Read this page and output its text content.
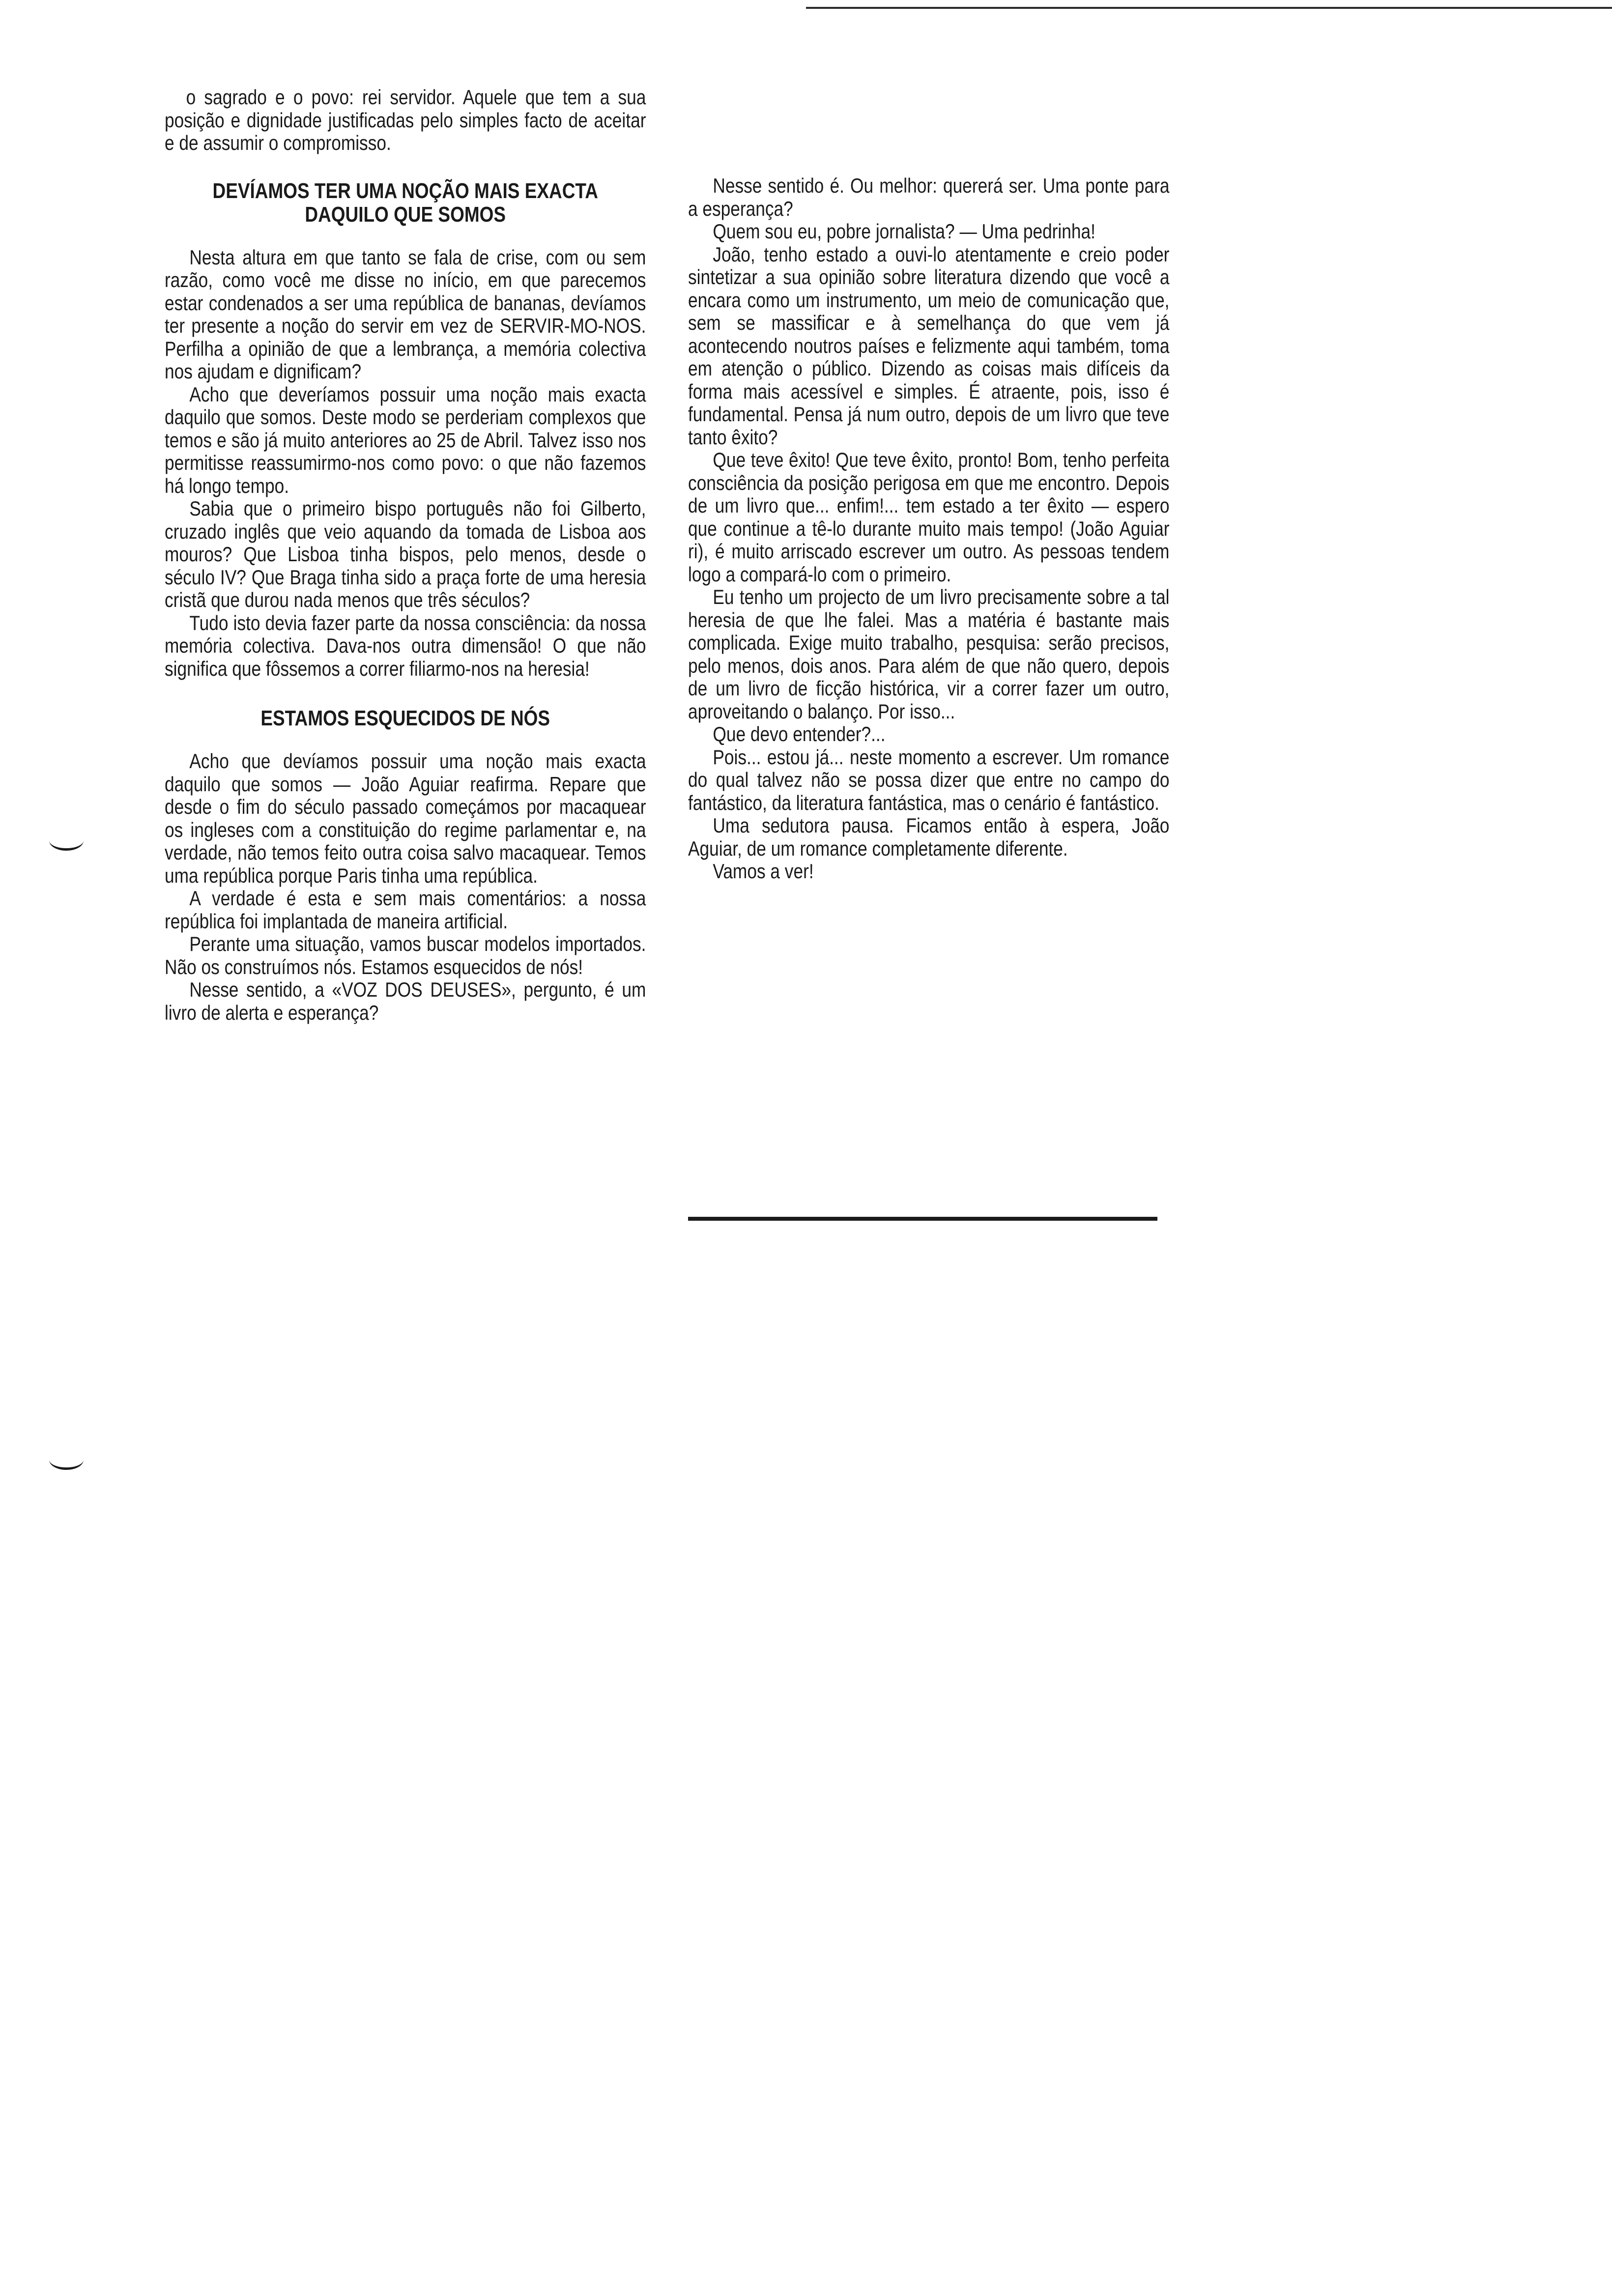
o sagrado e o povo: rei servidor. Aquele que tem a sua posição e dignidade justificadas pelo simples facto de aceitar e de assumir o compromisso.

DEVÍAMOS TER UMA NOÇÃO MAIS EXACTA
DAQUILO QUE SOMOS

Nesta altura em que tanto se fala de crise, com ou sem razão, como você me disse no início, em que parecemos estar condenados a ser uma república de bananas, devíamos ter presente a noção do servir em vez de SERVIR-MO-NOS. Perfilha a opinião de que a lembrança, a memória colectiva nos ajudam e dignificam?

Acho que deveríamos possuir uma noção mais exacta daquilo que somos. Deste modo se perderiam complexos que temos e são já muito anteriores ao 25 de Abril. Talvez isso nos permitisse reassumirmo-nos como povo: o que não fazemos há longo tempo.

Sabia que o primeiro bispo português não foi Gilberto, cruzado inglês que veio aquando da tomada de Lisboa aos mouros? Que Lisboa tinha bispos, pelo menos, desde o século IV? Que Braga tinha sido a praça forte de uma heresia cristã que durou nada menos que três séculos?

Tudo isto devia fazer parte da nossa consciência: da nossa memória colectiva. Dava-nos outra dimensão! O que não significa que fôssemos a correr filiarmo-nos na heresia!

ESTAMOS ESQUECIDOS DE NÓS

Acho que devíamos possuir uma noção mais exacta daquilo que somos — João Aguiar reafirma. Repare que desde o fim do século passado começámos por macaquear os ingleses com a constituição do regime parlamentar e, na verdade, não temos feito outra coisa salvo macaquear. Temos uma república porque Paris tinha uma república.

A verdade é esta e sem mais comentários: a nossa república foi implantada de maneira artificial.

Perante uma situação, vamos buscar modelos importados. Não os construímos nós. Estamos esquecidos de nós!

Nesse sentido, a «VOZ DOS DEUSES», pergunto, é um livro de alerta e esperança?

Nesse sentido é. Ou melhor: quererá ser. Uma ponte para a esperança?

Quem sou eu, pobre jornalista? — Uma pedrinha!

João, tenho estado a ouvi-lo atentamente e creio poder sintetizar a sua opinião sobre literatura dizendo que você a encara como um instrumento, um meio de comunicação que, sem se massificar e à semelhança do que vem já acontecendo noutros países e felizmente aqui também, toma em atenção o público. Dizendo as coisas mais difíceis da forma mais acessível e simples. É atraente, pois, isso é fundamental. Pensa já num outro, depois de um livro que teve tanto êxito?

Que teve êxito! Que teve êxito, pronto! Bom, tenho perfeita consciência da posição perigosa em que me encontro. Depois de um livro que... enfim!... tem estado a ter êxito — espero que continue a tê-lo durante muito mais tempo! (João Aguiar ri), é muito arriscado escrever um outro. As pessoas tendem logo a compará-lo com o primeiro.

Eu tenho um projecto de um livro precisamente sobre a tal heresia de que lhe falei. Mas a matéria é bastante mais complicada. Exige muito trabalho, pesquisa: serão precisos, pelo menos, dois anos. Para além de que não quero, depois de um livro de ficção histórica, vir a correr fazer um outro, aproveitando o balanço. Por isso...

Que devo entender?...

Pois... estou já... neste momento a escrever. Um romance do qual talvez não se possa dizer que entre no campo do fantástico, da literatura fantástica, mas o cenário é fantástico.

Uma sedutora pausa. Ficamos então à espera, João Aguiar, de um romance completamente diferente.

Vamos a ver!
